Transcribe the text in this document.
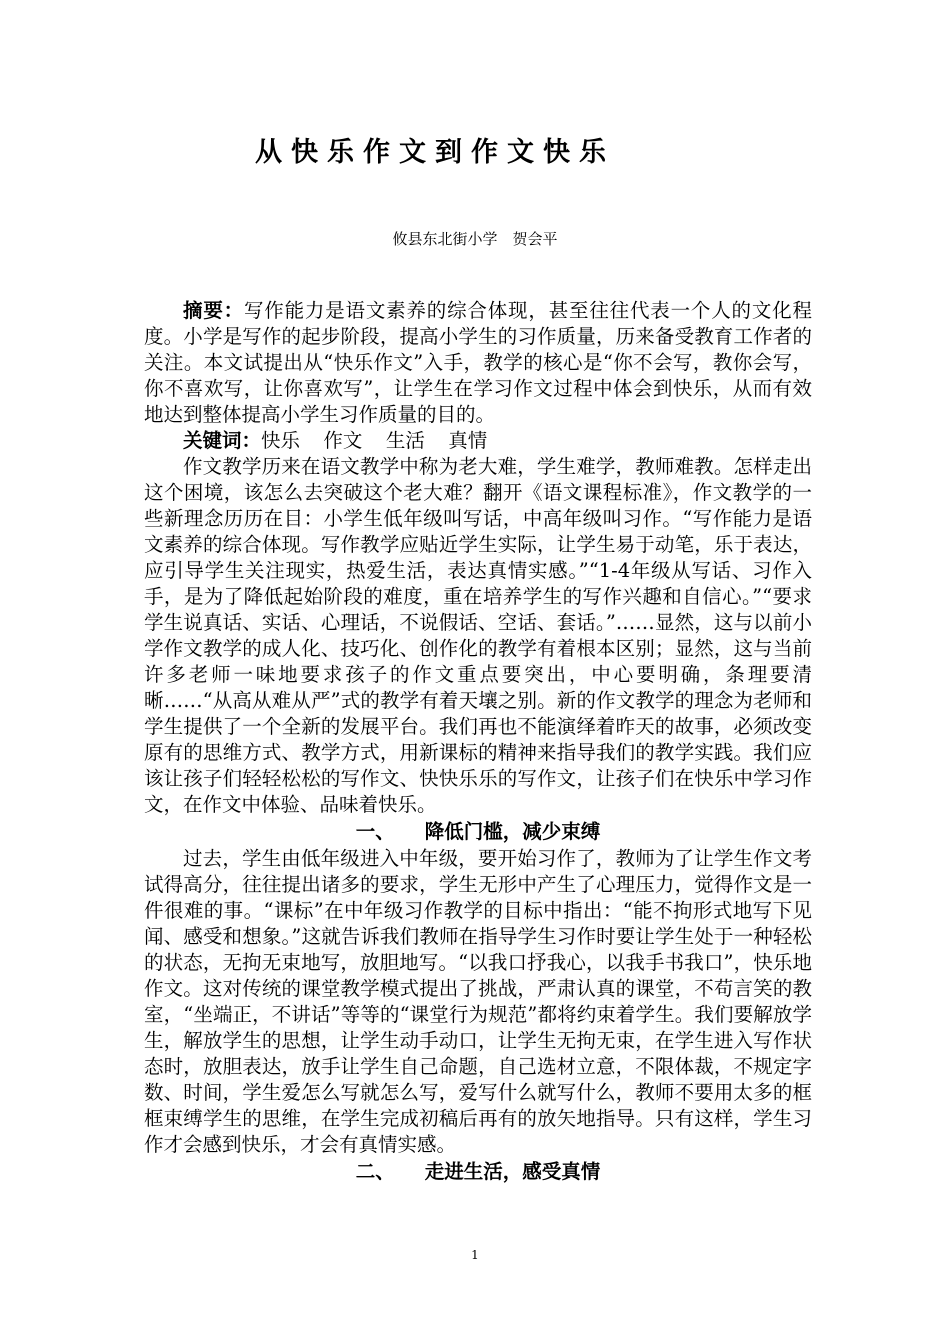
从快乐作文到作文快乐
攸县东北街小学　贺会平

摘要：写作能力是语文素养的综合体现，甚至往往代表一个人的文化程度。小学是写作的起步阶段，提高小学生的习作质量，历来备受教育工作者的关注。本文试提出从“快乐作文”入手，教学的核心是“你不会写，教你会写，你不喜欢写，让你喜欢写”，让学生在学习作文过程中体会到快乐，从而有效地达到整体提高小学生习作质量的目的。

关键词：快乐 作文 生活 真情

作文教学历来在语文教学中称为老大难，学生难学，教师难教。怎样走出这个困境，该怎么去突破这个老大难？翻开《语文课程标准》，作文教学的一些新理念历历在目：小学生低年级叫写话，中高年级叫习作。“写作能力是语文素养的综合体现。写作教学应贴近学生实际，让学生易于动笔，乐于表达，应引导学生关注现实，热爱生活，表达真情实感。”“1-4年级从写话、习作入手，是为了降低起始阶段的难度，重在培养学生的写作兴趣和自信心。”“要求学生说真话、实话、心理话，不说假话、空话、套话。”……显然，这与以前小学作文教学的成人化、技巧化、创作化的教学有着根本区别；显然，这与当前许多老师一味地要求孩子的作文重点要突出，中心要明确，条理要清晰……“从高从难从严”式的教学有着天壤之别。新的作文教学的理念为老师和学生提供了一个全新的发展平台。我们再也不能演绎着昨天的故事，必须改变原有的思维方式、教学方式，用新课标的精神来指导我们的教学实践。我们应该让孩子们轻轻松松的写作文、快快乐乐的写作文，让孩子们在快乐中学习作文，在作文中体验、品味着快乐。

一、 降低门槛，减少束缚

过去，学生由低年级进入中年级，要开始习作了，教师为了让学生作文考试得高分，往往提出诸多的要求，学生无形中产生了心理压力，觉得作文是一件很难的事。“课标”在中年级习作教学的目标中指出：“能不拘形式地写下见闻、感受和想象。”这就告诉我们教师在指导学生习作时要让学生处于一种轻松的状态，无拘无束地写，放胆地写。“以我口抒我心，以我手书我口”，快乐地作文。这对传统的课堂教学模式提出了挑战，严肃认真的课堂，不苟言笑的教室，“坐端正，不讲话”等等的“课堂行为规范”都将约束着学生。我们要解放学生，解放学生的思想，让学生动手动口，让学生无拘无束，在学生进入写作状态时，放胆表达，放手让学生自己命题，自己选材立意，不限体裁，不规定字数、时间，学生爱怎么写就怎么写，爱写什么就写什么，教师不要用太多的框框束缚学生的思维，在学生完成初稿后再有的放矢地指导。只有这样，学生习作才会感到快乐，才会有真情实感。

二、 走进生活，感受真情
1
